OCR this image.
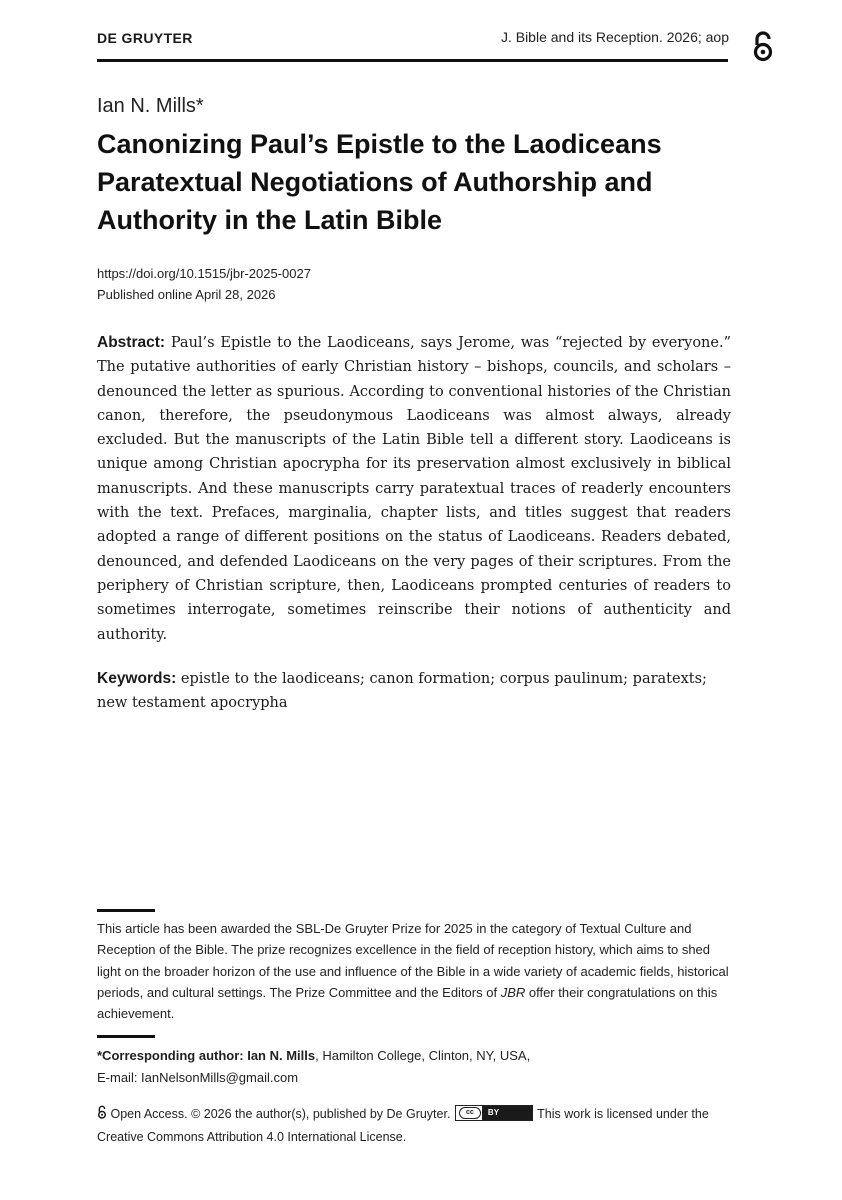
DE GRUYTER	J. Bible and its Reception. 2026; aop
Ian N. Mills*
Canonizing Paul’s Epistle to the Laodiceans
Paratextual Negotiations of Authorship and
Authority in the Latin Bible
https://doi.org/10.1515/jbr-2025-0027
Published online April 28, 2026

Abstract: Paul’s Epistle to the Laodiceans, says Jerome, was “rejected by everyone.” The putative authorities of early Christian history – bishops, councils, and scholars – denounced the letter as spurious. According to conventional histories of the Christian canon, therefore, the pseudonymous Laodiceans was almost always, already excluded. But the manuscripts of the Latin Bible tell a different story. Laodiceans is unique among Christian apocrypha for its preservation almost exclusively in biblical manuscripts. And these manuscripts carry paratextual traces of readerly encounters with the text. Prefaces, marginalia, chapter lists, and titles suggest that readers adopted a range of different positions on the status of Laodiceans. Readers debated, denounced, and defended Laodiceans on the very pages of their scriptures. From the periphery of Christian scripture, then, Laodiceans prompted centuries of readers to sometimes interrogate, sometimes reinscribe their notions of authenticity and authority.

Keywords: epistle to the laodiceans; canon formation; corpus paulinum; paratexts; new testament apocrypha

This article has been awarded the SBL-De Gruyter Prize for 2025 in the category of Textual Culture and Reception of the Bible. The prize recognizes excellence in the field of reception history, which aims to shed light on the broader horizon of the use and influence of the Bible in a wide variety of academic fields, historical periods, and cultural settings. The Prize Committee and the Editors of JBR offer their congratulations on this achievement.

*Corresponding author: Ian N. Mills, Hamilton College, Clinton, NY, USA,
E-mail: IanNelsonMills@gmail.com

Open Access. © 2026 the author(s), published by De Gruyter.	cc	BY	This work is licensed under the Creative Commons Attribution 4.0 International License.
